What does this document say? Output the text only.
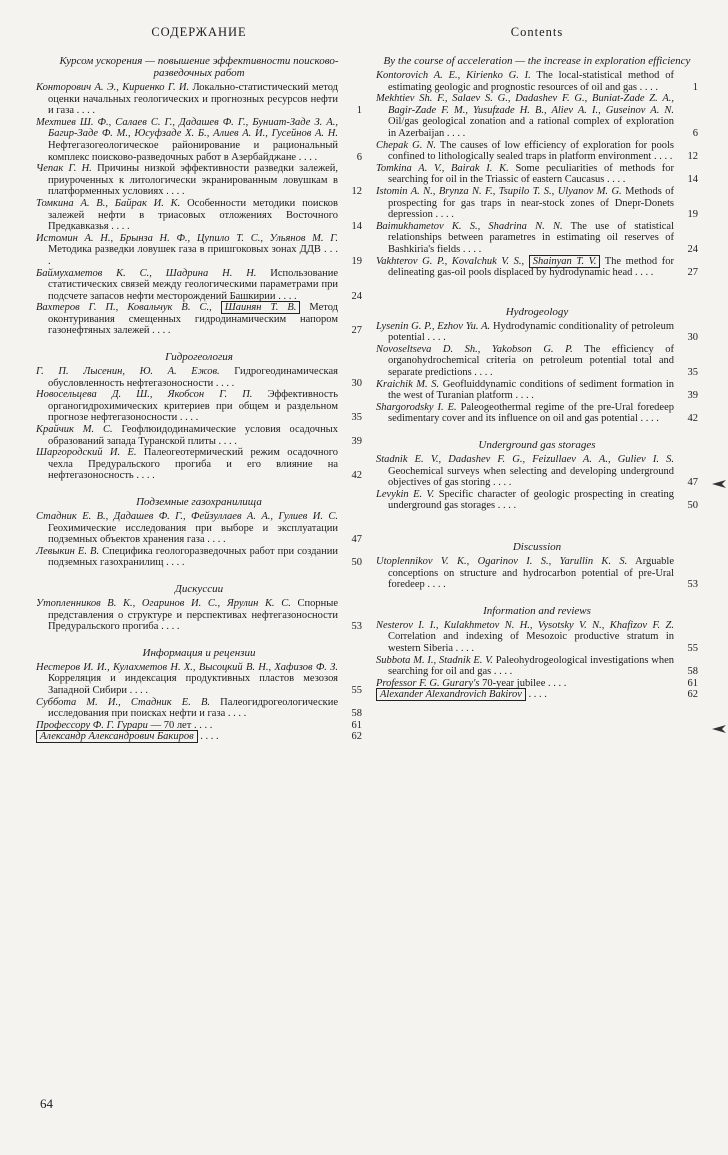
СОДЕРЖАНИЕ
Курсом ускорения — повышение эффективности поисково-разведочных работ

Конторович А. Э., Кириенко Г. И. Локально-статистический метод оценки начальных геологических и прогнозных ресурсов нефти и газа . . . .	1

Мехтиев Ш. Ф., Салаев С. Г., Дадашев Ф. Г., Буниат-Заде З. А., Багир-Заде Ф. М., Юсуфзаде Х. Б., Алиев А. И., Гусейнов А. Н. Нефтегазогеологическое районирование и рациональный комплекс поисково-разведочных работ в Азербайджане . . . .	6

Чепак Г. Н. Причины низкой эффективности разведки залежей, приуроченных к литологически экранированным ловушкам в платформенных условиях . . . .	12

Томкина А. В., Байрак И. К. Особенности методики поисков залежей нефти в триасовых отложениях Восточного Предкавказья . . . .	14

Истомин А. Н., Брынза Н. Ф., Цупило Т. С., Ульянов М. Г. Методика разведки ловушек газа в пришгоковых зонах ДДВ . . . .	19

Баймухаметов К. С., Шадрина Н. Н. Использование статистических связей между геологическими параметрами при подсчете запасов нефти месторождений Башкирии . . . .	24

Вахтеров Г. П., Ковальчук В. С., Шаинян Т. В. Метод оконтуривания смещенных гидродинамическим напором газонефтяных залежей . . . .	27

Гидрогеология

Г. П. Лысенин, Ю. А. Ежов. Гидрогеодинамическая обусловленность нефтегазоносности . . . .	30

Новосельцева Д. Ш., Якобсон Г. П. Эффективность органогидрохимических критериев при общем и раздельном прогнозе нефтегазоносности . . . .	35

Крайчик М. С. Геофлюидодинамические условия осадочных образований запада Туранской плиты . . . .	39

Шаргородский И. Е. Палеогеотермический режим осадочного чехла Предуральского прогиба и его влияние на нефтегазоносность . . . .	42

Подземные газохранилища

Стадник Е. В., Дадашев Ф. Г., Фейзуллаев А. А., Гулиев И. С. Геохимические исследования при выборе и эксплуатации подземных объектов хранения газа . . . .	47

Левыкин Е. В. Специфика геологоразведочных работ при создании подземных газохранилищ . . . .	50

Дискуссии

Утопленников В. К., Огаринов И. С., Ярулин К. С. Спорные представления о структуре и перспективах нефтегазоносности Предуральского прогиба . . . .	53

Информация и рецензии

Нестеров И. И., Кулахметов Н. Х., Высоцкий В. Н., Хафизов Ф. З. Корреляция и индексация продуктивных пластов мезозоя Западной Сибири . . . .	55

Суббота М. И., Стадник Е. В. Палеогидрогеологические исследования при поисках нефти и газа . . . .	58

Профессору Ф. Г. Гурари — 70 лет . . . .	61

Александр Александрович Бакиров . . . .	62

Contents
By the course of acceleration — the increase in exploration efficiency

Kontorovich A. E., Kirienko G. I. The local-statistical method of estimating geologic and prognostic resources of oil and gas . . . .	1

Mekhtiev Sh. F., Salaev S. G., Dadashev F. G., Buniat-Zade Z. A., Bagir-Zade F. M., Yusufzade H. B., Aliev A. I., Guseinov A. N. Oil/gas geological zonation and a rational complex of exploration in Azerbaijan . . . .	6

Chepak G. N. The causes of low efficiency of exploration for pools confined to lithologically sealed traps in platform environment . . . .	12

Tomkina A. V., Bairak I. K. Some peculiarities of methods for searching for oil in the Triassic of eastern Caucasus . . . .	14

Istomin A. N., Brynza N. F., Tsupilo T. S., Ulyanov M. G. Methods of prospecting for gas traps in near-stock zones of Dnepr-Donets depression . . . .	19

Baimukhametov K. S., Shadrina N. N. The use of statistical relationships between parametres in estimating oil reserves of Bashkiria's fields . . . .	24

Vakhterov G. P., Kovalchuk V. S., Shainyan T. V. The method for delineating gas-oil pools displaced by hydrodynamic head . . . .	27

Hydrogeology

Lysenin G. P., Ezhov Yu. A. Hydrodynamic conditionality of petroleum potential . . . .	30

Novoseltseva D. Sh., Yakobson G. P. The efficiency of organohydrochemical criteria on petroleum potential total and separate predictions . . . .	35

Kraichik M. S. Geofluiddynamic conditions of sediment formation in the west of Turanian platform . . . .	39

Shargorodsky I. E. Paleogeothermal regime of the pre-Ural foredeep sedimentary cover and its influence on oil and gas potential . . . .	42

Underground gas storages

Stadnik E. V., Dadashev F. G., Feizullaev A. A., Guliev I. S. Geochemical surveys when selecting and developing underground objectives of gas storing . . . .	47

Levykin E. V. Specific character of geologic prospecting in creating underground gas storages . . . .	50

Discussion

Utoplennikov V. K., Ogarinov I. S., Yarullin K. S. Arguable conceptions on structure and hydrocarbon potential of pre-Ural foredeep . . . .	53

Information and reviews

Nesterov I. I., Kulakhmetov N. H., Vysotsky V. N., Khafizov F. Z. Correlation and indexing of Mesozoic productive stratum in western Siberia . . . .	55

Subbota M. I., Stadnik E. V. Paleohydrogeological investigations when searching for oil and gas . . . .	58

Professor F. G. Gurary's 70-year jubilee . . . .	61

Alexander Alexandrovich Bakirov . . . .	62

64
